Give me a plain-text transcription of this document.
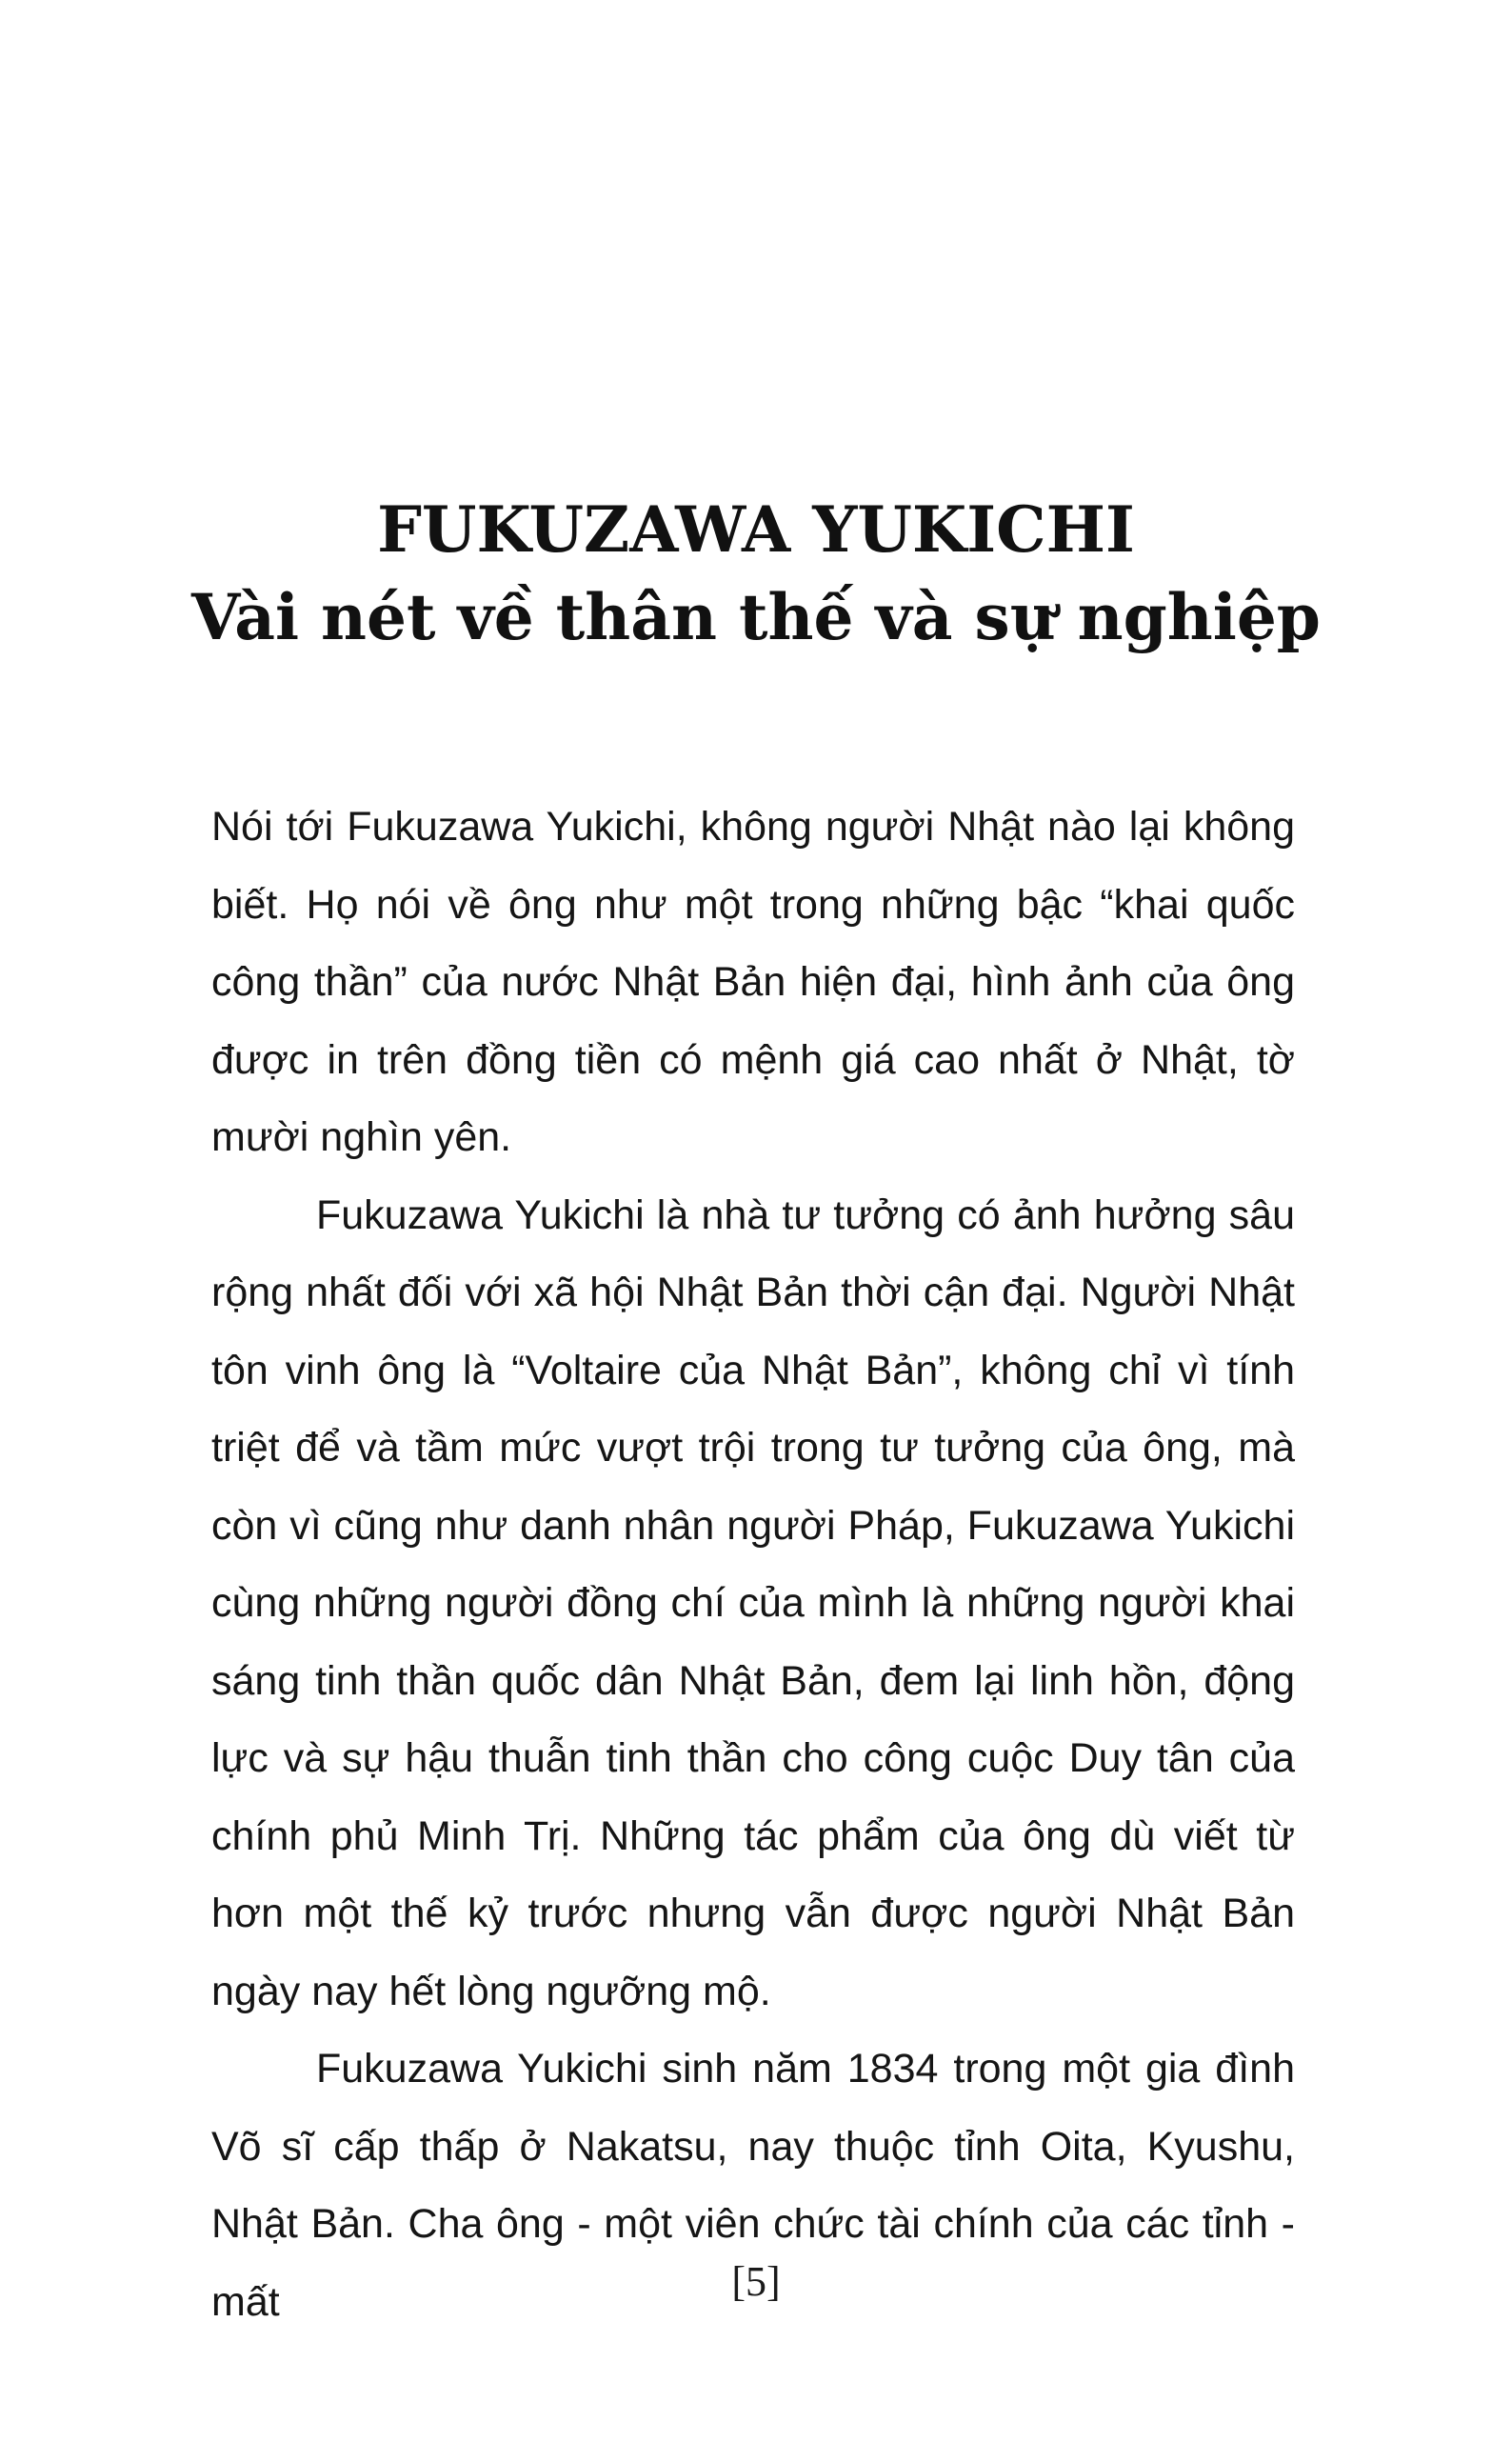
FUKUZAWA YUKICHI
Vài nét về thân thế và sự nghiệp

Nói tới Fukuzawa Yukichi, không người Nhật nào lại không biết. Họ nói về ông như một trong những bậc “khai quốc công thần” của nước Nhật Bản hiện đại, hình ảnh của ông được in trên đồng tiền có mệnh giá cao nhất ở Nhật, tờ mười nghìn yên.

Fukuzawa Yukichi là nhà tư tưởng có ảnh hưởng sâu rộng nhất đối với xã hội Nhật Bản thời cận đại. Người Nhật tôn vinh ông là “Voltaire của Nhật Bản”, không chỉ vì tính triệt để và tầm mức vượt trội trong tư tưởng của ông, mà còn vì cũng như danh nhân người Pháp, Fukuzawa Yukichi cùng những người đồng chí của mình là những người khai sáng tinh thần quốc dân Nhật Bản, đem lại linh hồn, động lực và sự hậu thuẫn tinh thần cho công cuộc Duy tân của chính phủ Minh Trị. Những tác phẩm của ông dù viết từ hơn một thế kỷ trước nhưng vẫn được người Nhật Bản ngày nay hết lòng ngưỡng mộ.

Fukuzawa Yukichi sinh năm 1834 trong một gia đình Võ sĩ cấp thấp ở Nakatsu, nay thuộc tỉnh Oita, Kyushu, Nhật Bản. Cha ông - một viên chức tài chính của các tỉnh - mất	[5]
